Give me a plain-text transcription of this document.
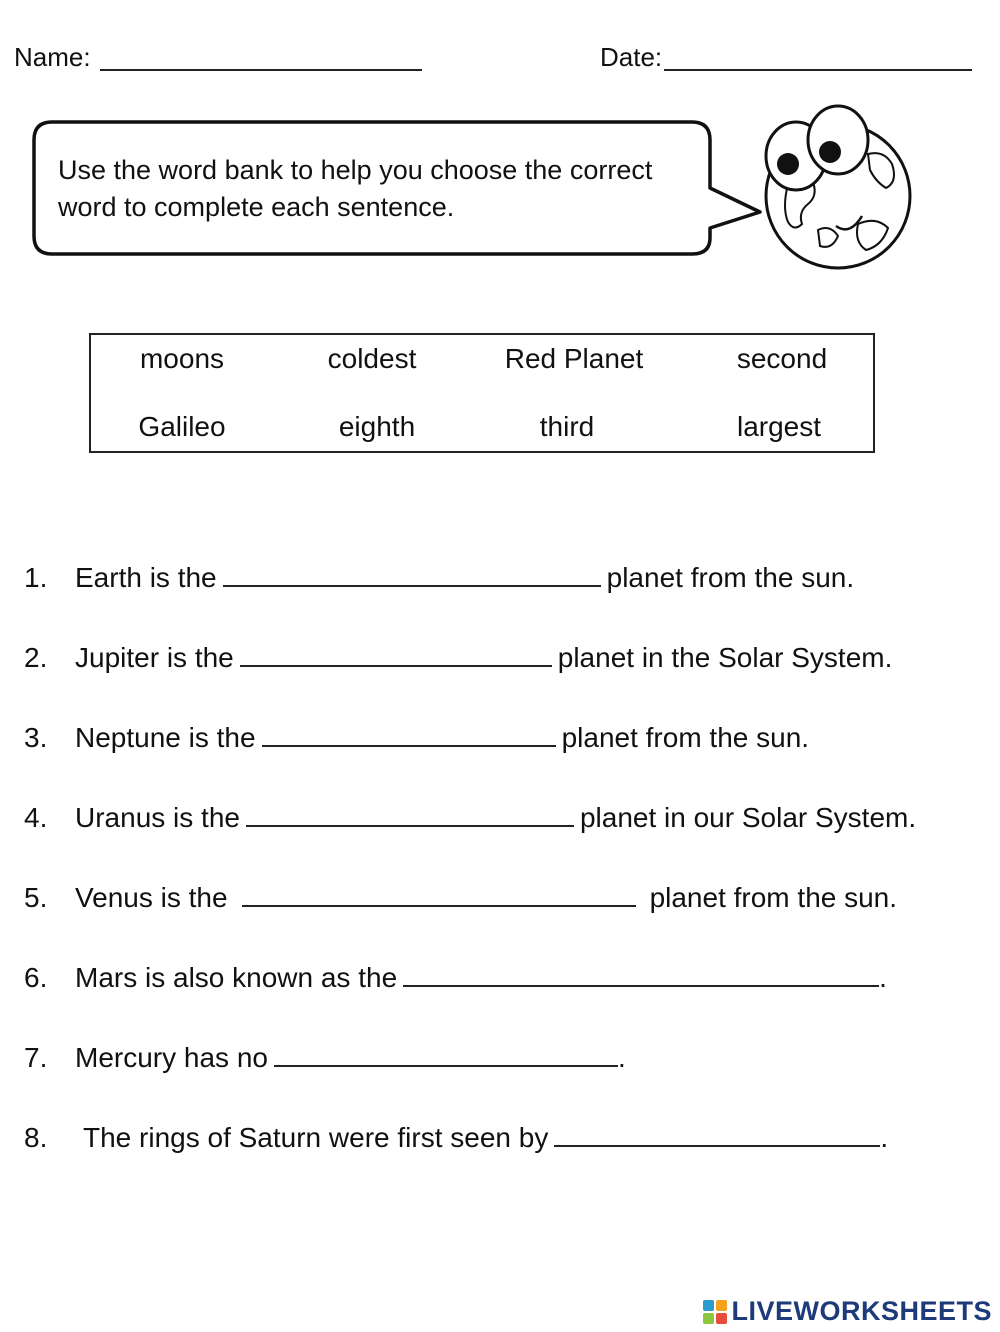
Name:	Date:
Use the word bank to help you choose the correct word to complete each sentence.
moons	coldest	Red Planet	second
Galileo	eighth	third	largest
1. Earth is the	planet from the sun.
2. Jupiter is the	planet in the Solar System.
3. Neptune is the	planet from the sun.
4. Uranus is the	planet in our Solar System.
5. Venus is the	planet from the sun.
6. Mars is also known as the	.
7. Mercury has no	.
8. The rings of Saturn were first seen by	.
LIVEWORKSHEETS
